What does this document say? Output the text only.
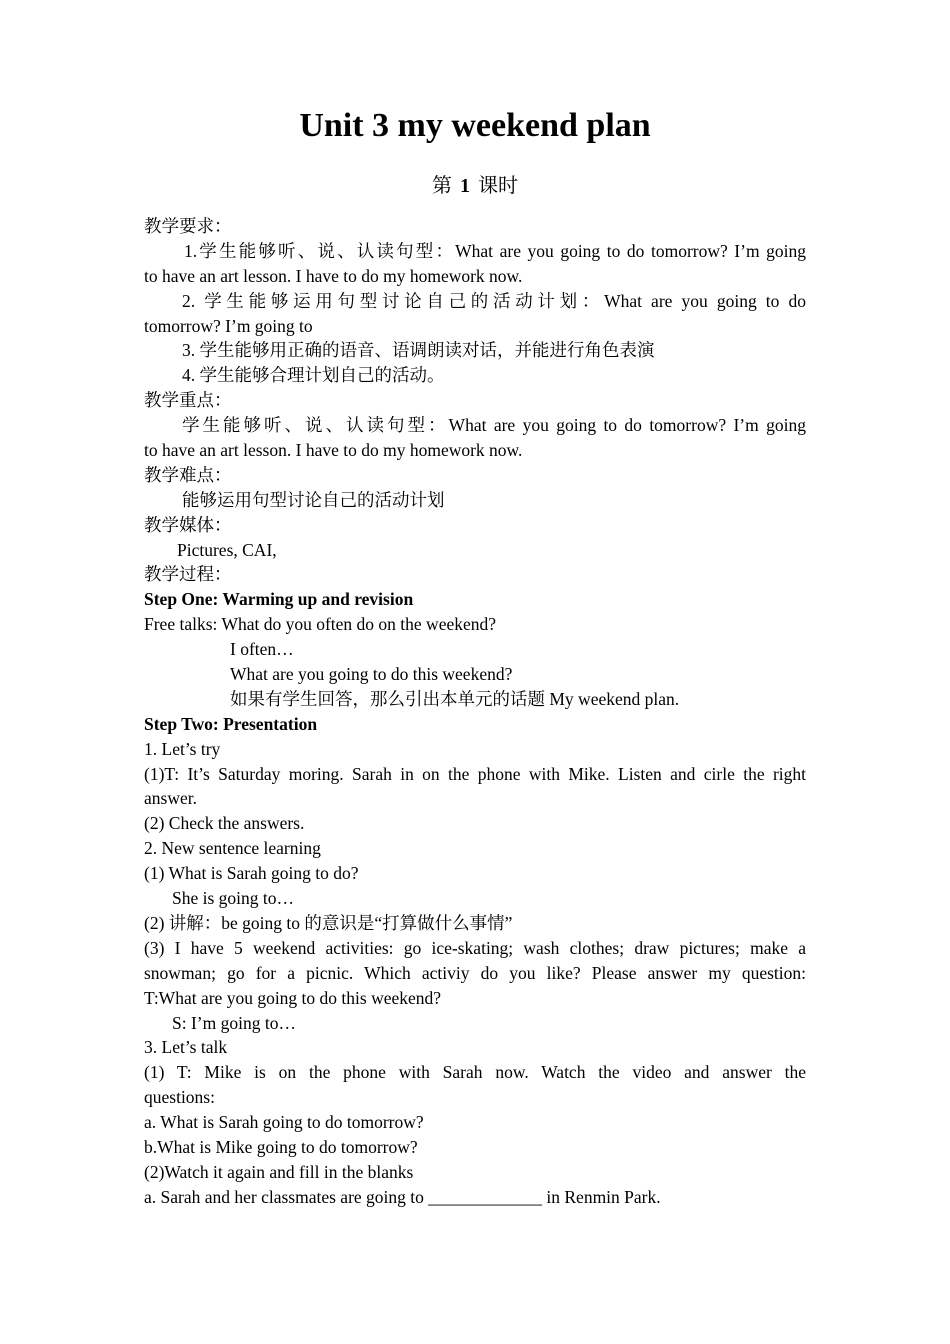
Unit 3 my weekend plan
第 1 课时
教学要求：
1.学生能够听、说、认读句型：What are you going to do tomorrow? I’m going
to have an art lesson. I have to do my homework now.
2. 学生能够运用句型讨论自己的活动计划：What are you going to do
tomorrow? I’m going to
3. 学生能够用正确的语音、语调朗读对话，并能进行角色表演
4. 学生能够合理计划自己的活动。
教学重点：
学生能够听、说、认读句型：What are you going to do tomorrow? I’m going
to have an art lesson. I have to do my homework now.
教学难点：
能够运用句型讨论自己的活动计划
教学媒体：
Pictures, CAI,
教学过程：
Step One: Warming up and revision
Free talks: What do you often do on the weekend?
I often…
What are you going to do this weekend?
如果有学生回答，那么引出本单元的话题 My weekend plan.
Step Two: Presentation
1. Let’s try
(1)T: It’s Saturday moring. Sarah in on the phone with Mike. Listen and cirle the right
answer.
(2) Check the answers.
2. New sentence learning
(1) What is Sarah going to do?
She is going to…
(2) 讲解：be going to 的意识是“打算做什么事情”
(3) I have 5 weekend activities: go ice-skating; wash clothes; draw pictures; make a
snowman; go for a picnic. Which activiy do you like? Please answer my question:
T:What are you going to do this weekend?
S: I’m going to…
3. Let’s talk
(1) T: Mike is on the phone with Sarah now. Watch the video and answer the
questions:
a. What is Sarah going to do tomorrow?
b.What is Mike going to do tomorrow?
(2)Watch it again and fill in the blanks
a. Sarah and her classmates are going to _____________ in Renmin Park.
